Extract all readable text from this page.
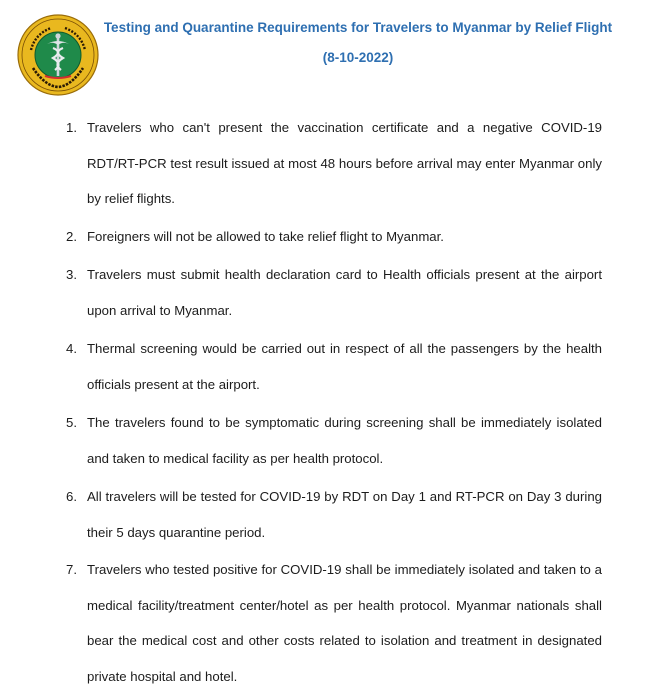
Testing and Quarantine Requirements for Travelers to Myanmar by Relief Flight
(8-10-2022)
1. Travelers who can't present the vaccination certificate and a negative COVID-19 RDT/RT-PCR test result issued at most 48 hours before arrival may enter Myanmar only by relief flights.
2. Foreigners will not be allowed to take relief flight to Myanmar.
3. Travelers must submit health declaration card to Health officials present at the airport upon arrival to Myanmar.
4. Thermal screening would be carried out in respect of all the passengers by the health officials present at the airport.
5. The travelers found to be symptomatic during screening shall be immediately isolated and taken to medical facility as per health protocol.
6. All travelers will be tested for COVID-19 by RDT on Day 1 and RT-PCR on Day 3 during their 5 days quarantine period.
7. Travelers who tested positive for COVID-19 shall be immediately isolated and taken to a medical facility/treatment center/hotel as per health protocol. Myanmar nationals shall bear the medical cost and other costs related to isolation and treatment in designated private hospital and hotel.
